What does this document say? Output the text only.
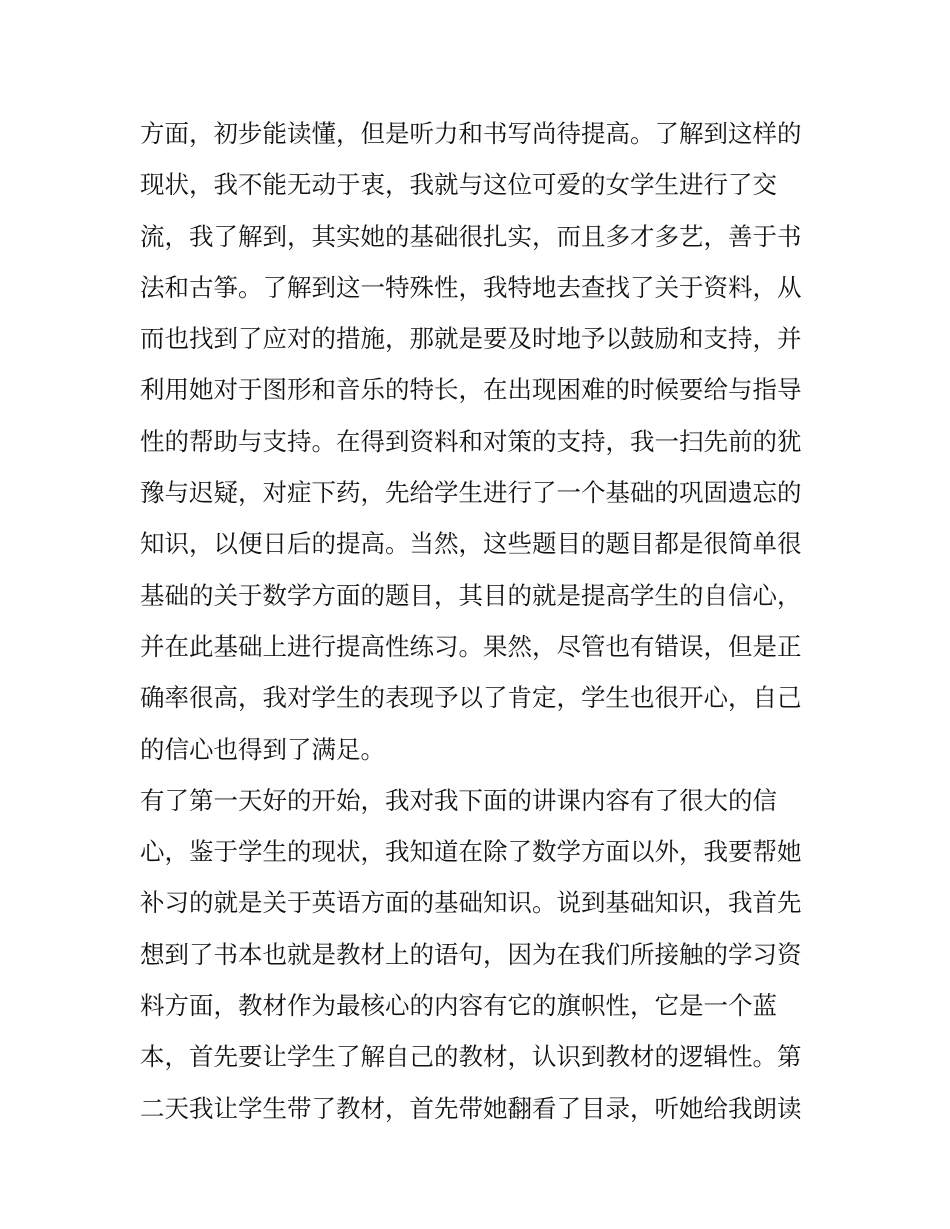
方面，初步能读懂，但是听力和书写尚待提高。了解到这样的
现状，我不能无动于衷，我就与这位可爱的女学生进行了交
流，我了解到，其实她的基础很扎实，而且多才多艺，善于书
法和古筝。了解到这一特殊性，我特地去查找了关于资料，从
而也找到了应对的措施，那就是要及时地予以鼓励和支持，并
利用她对于图形和音乐的特长，在出现困难的时候要给与指导
性的帮助与支持。在得到资料和对策的支持，我一扫先前的犹
豫与迟疑，对症下药，先给学生进行了一个基础的巩固遗忘的
知识，以便日后的提高。当然，这些题目的题目都是很简单很
基础的关于数学方面的题目，其目的就是提高学生的自信心，
并在此基础上进行提高性练习。果然，尽管也有错误，但是正
确率很高，我对学生的表现予以了肯定，学生也很开心，自己
的信心也得到了满足。
有了第一天好的开始，我对我下面的讲课内容有了很大的信
心，鉴于学生的现状，我知道在除了数学方面以外，我要帮她
补习的就是关于英语方面的基础知识。说到基础知识，我首先
想到了书本也就是教材上的语句，因为在我们所接触的学习资
料方面，教材作为最核心的内容有它的旗帜性，它是一个蓝
本，首先要让学生了解自己的教材，认识到教材的逻辑性。第
二天我让学生带了教材，首先带她翻看了目录，听她给我朗读
